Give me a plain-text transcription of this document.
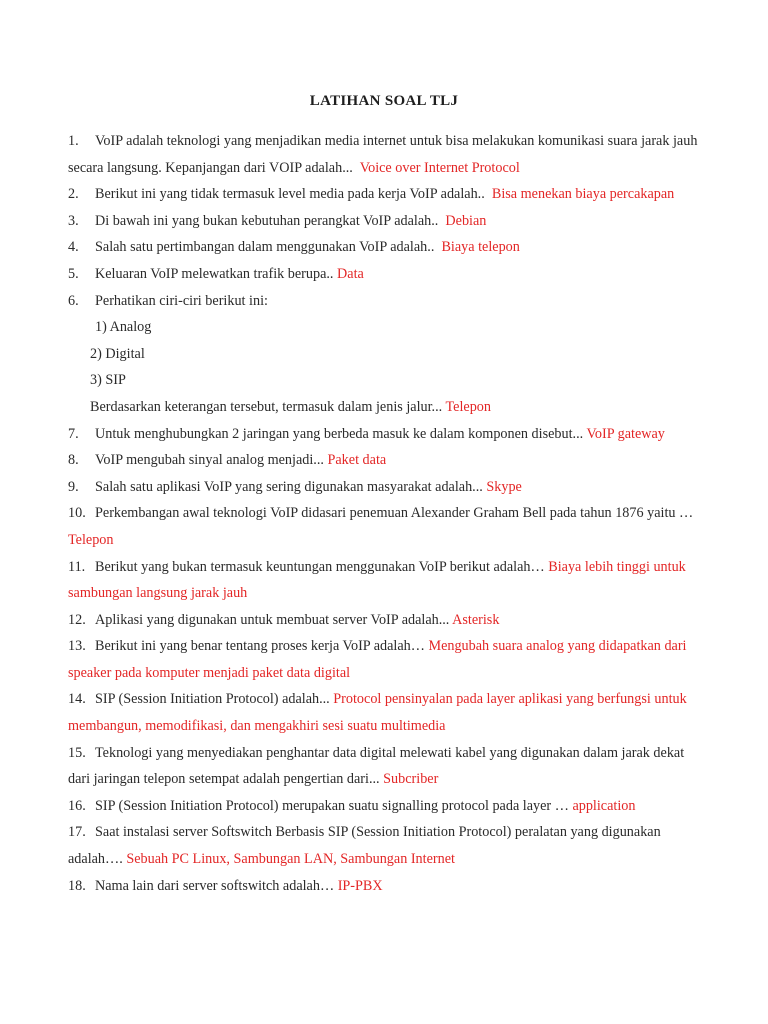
LATIHAN SOAL TLJ
1. VoIP adalah teknologi yang menjadikan media internet untuk bisa melakukan komunikasi suara jarak jauh secara langsung. Kepanjangan dari VOIP adalah... Voice over Internet Protocol
2. Berikut ini yang tidak termasuk level media pada kerja VoIP adalah.. Bisa menekan biaya percakapan
3. Di bawah ini yang bukan kebutuhan perangkat VoIP adalah.. Debian
4. Salah satu pertimbangan dalam menggunakan VoIP adalah.. Biaya telepon
5. Keluaran VoIP melewatkan trafik berupa.. Data
6. Perhatikan ciri-ciri berikut ini:
1) Analog
2) Digital
3) SIP
Berdasarkan keterangan tersebut, termasuk dalam jenis jalur... Telepon
7. Untuk menghubungkan 2 jaringan yang berbeda masuk ke dalam komponen disebut... VoIP gateway
8. VoIP mengubah sinyal analog menjadi... Paket data
9. Salah satu aplikasi VoIP yang sering digunakan masyarakat adalah... Skype
10. Perkembangan awal teknologi VoIP didasari penemuan Alexander Graham Bell pada tahun 1876 yaitu … Telepon
11. Berikut yang bukan termasuk keuntungan menggunakan VoIP berikut adalah… Biaya lebih tinggi untuk sambungan langsung jarak jauh
12. Aplikasi yang digunakan untuk membuat server VoIP adalah... Asterisk
13. Berikut ini yang benar tentang proses kerja VoIP adalah… Mengubah suara analog yang didapatkan dari speaker pada komputer menjadi paket data digital
14. SIP (Session Initiation Protocol) adalah... Protocol pensinyalan pada layer aplikasi yang berfungsi untuk membangun, memodifikasi, dan mengakhiri sesi suatu multimedia
15. Teknologi yang menyediakan penghantar data digital melewati kabel yang digunakan dalam jarak dekat dari jaringan telepon setempat adalah pengertian dari... Subcriber
16. SIP (Session Initiation Protocol) merupakan suatu signalling protocol pada layer … application
17. Saat instalasi server Softswitch Berbasis SIP (Session Initiation Protocol) peralatan yang digunakan adalah…. Sebuah PC Linux, Sambungan LAN, Sambungan Internet
18. Nama lain dari server softswitch adalah… IP-PBX
